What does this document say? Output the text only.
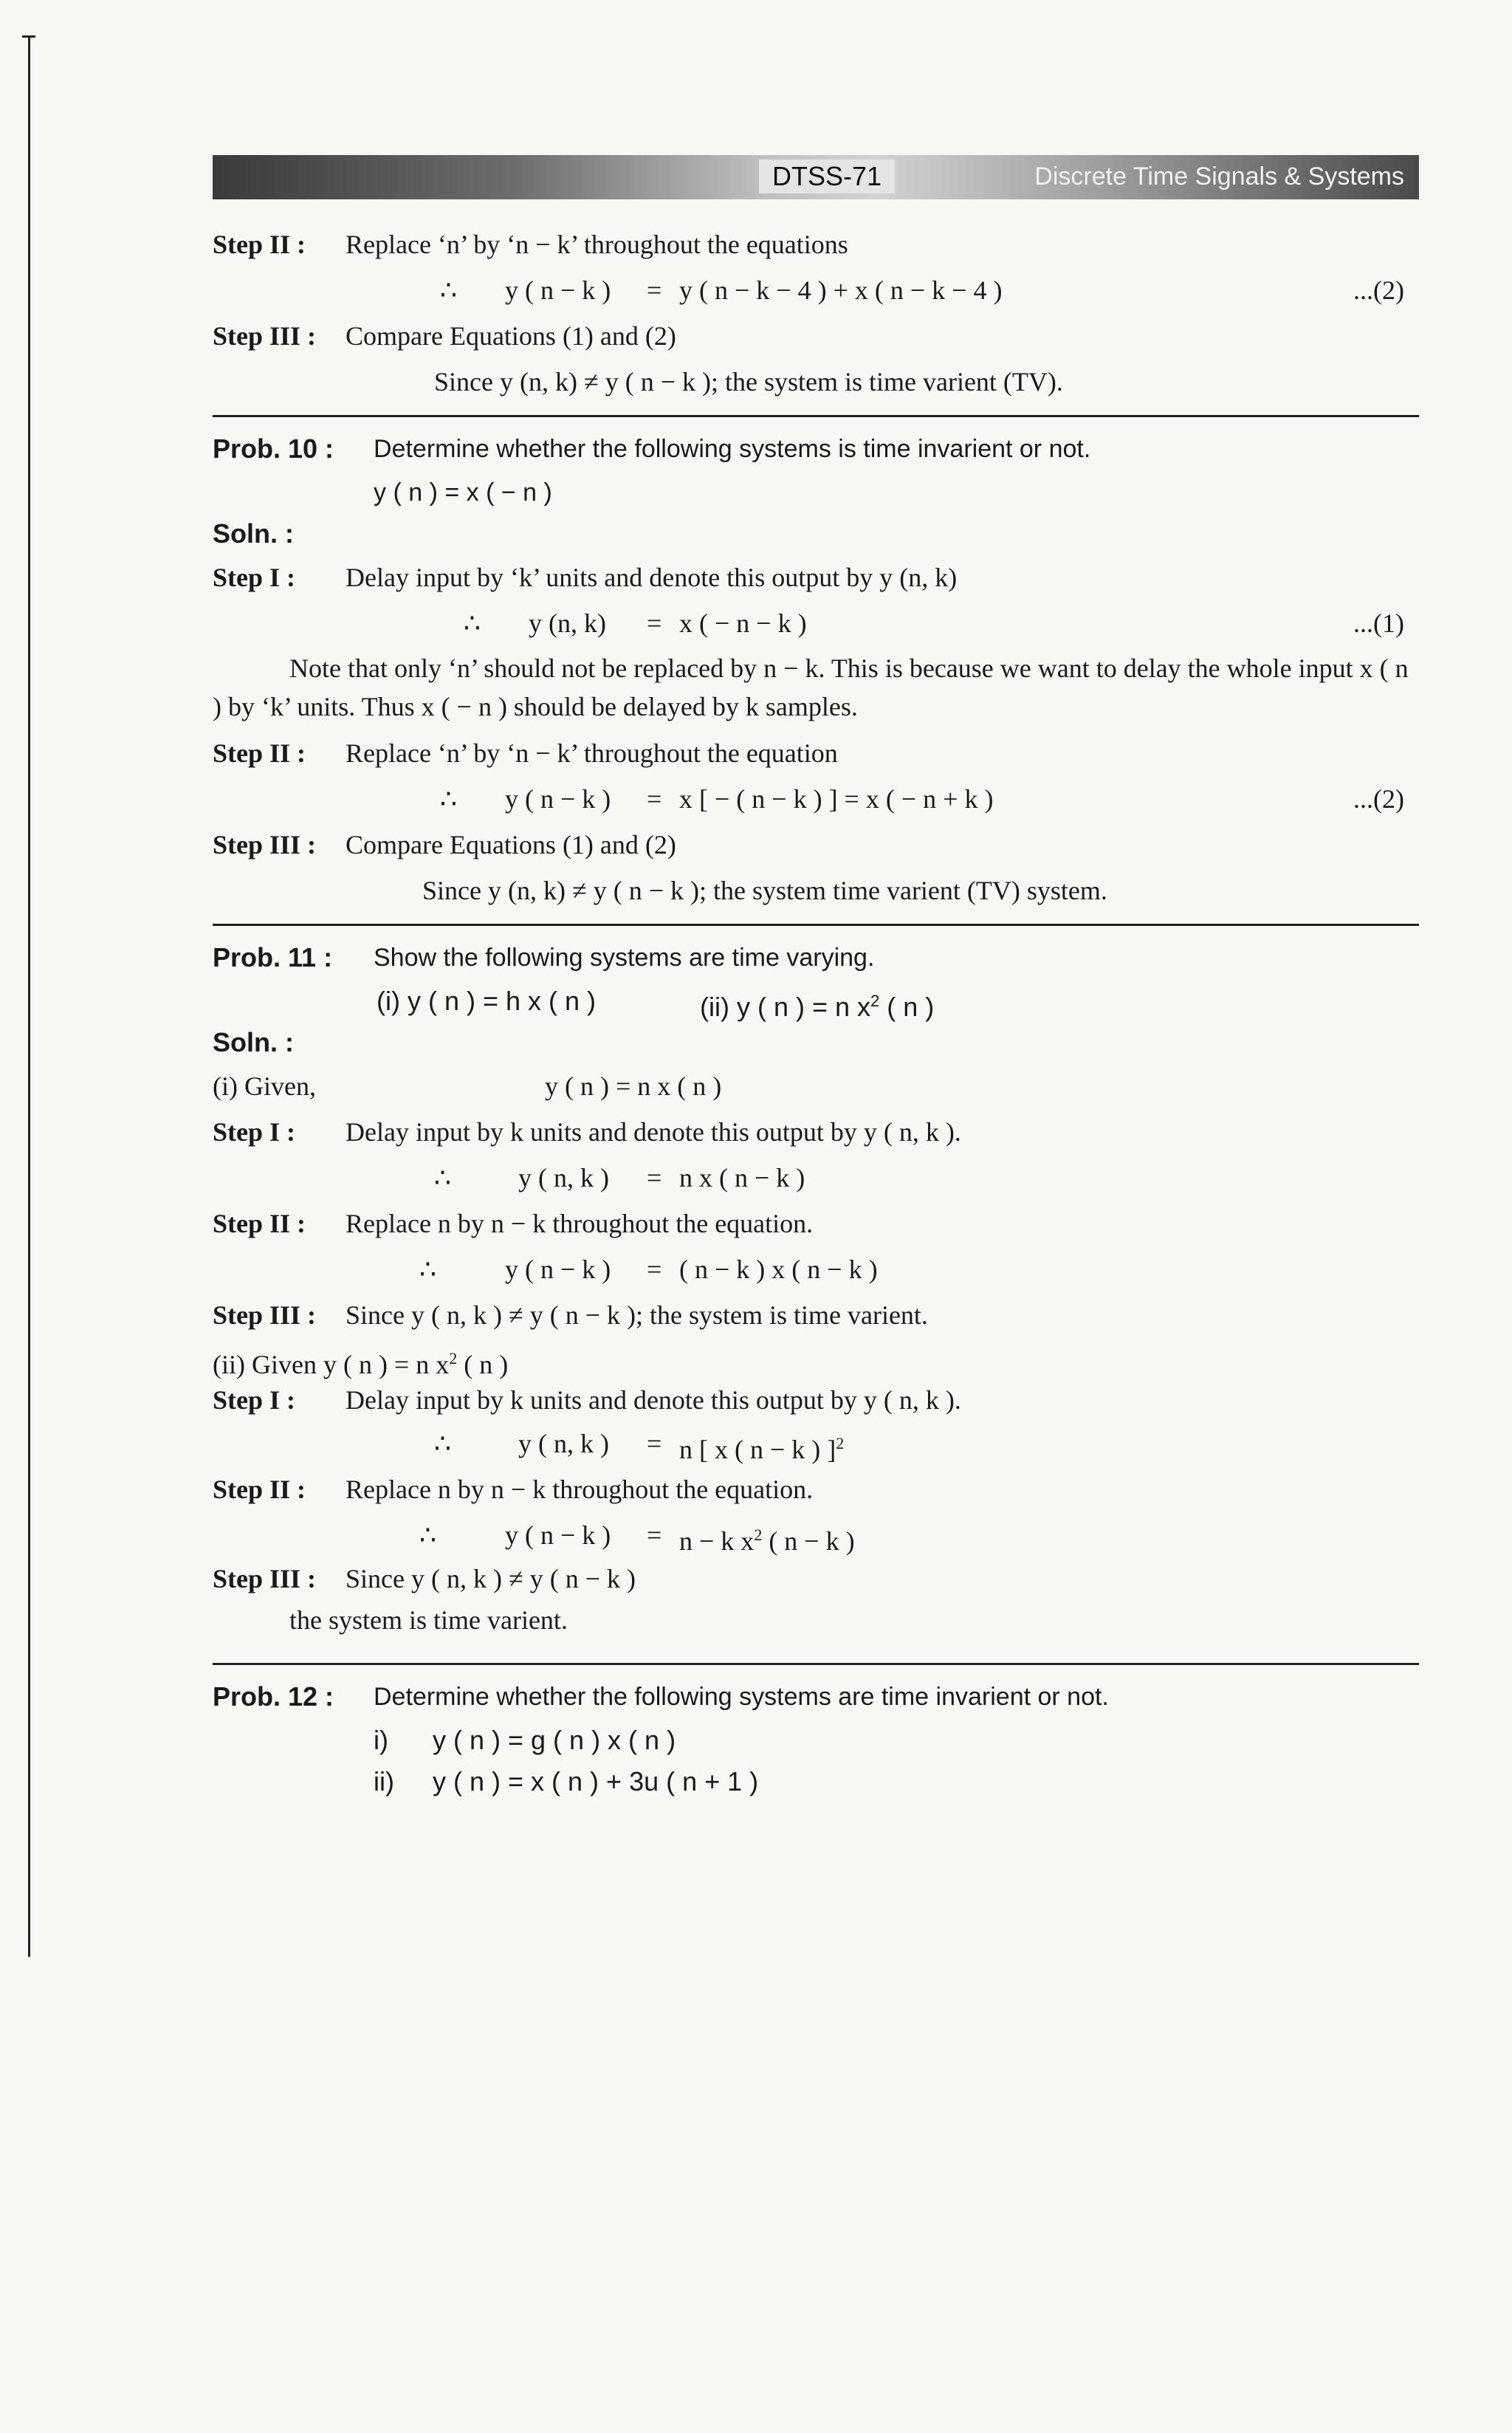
DTSS-71	Discrete Time Signals & Systems
Step II : Replace ‘n’ by ‘n − k’ throughout the equations
∴ y ( n − k ) = y ( n − k − 4 ) + x ( n − k − 4 )	...(2)
Step III : Compare Equations (1) and (2)
Since y (n, k) ≠ y ( n − k ); the system is time varient (TV).
Prob. 10 : Determine whether the following systems is time invarient or not.
y ( n ) = x ( − n )
Soln. :
Step I : Delay input by ‘k’ units and denote this output by y (n, k)
∴ y (n, k) = x ( − n − k )	...(1)
Note that only ‘n’ should not be replaced by n − k. This is because we want to delay the whole input x ( n ) by ‘k’ units. Thus x ( − n ) should be delayed by k samples.
Step II : Replace ‘n’ by ‘n − k’ throughout the equation
∴ y ( n − k ) = x [ − ( n − k ) ] = x ( − n + k )	...(2)
Step III : Compare Equations (1) and (2)
Since y (n, k) ≠ y ( n − k ); the system time varient (TV) system.
Prob. 11 : Show the following systems are time varying.
(i) y ( n ) = h x ( n )	(ii) y ( n ) = n $x^2$ ( n )
Soln. :
(i) Given,	y ( n ) = n x ( n )
Step I : Delay input by k units and denote this output by y ( n, k ).
∴	y ( n, k ) = n x ( n − k )
Step II : Replace n by n − k throughout the equation.
∴	y ( n − k ) = ( n − k ) x ( n − k )
Step III : Since y ( n, k ) ≠ y ( n − k ); the system is time varient.
(ii) Given y ( n ) = n $x^2$ ( n )
Step I : Delay input by k units and denote this output by y ( n, k ).
∴	y ( n, k ) = n [ x ( n − k ) ]$^2$
Step II : Replace n by n − k throughout the equation.
∴	y ( n − k ) = n − k $x^2$ ( n − k )
Step III : Since y ( n, k ) ≠ y ( n − k )
the system is time varient.
Prob. 12 : Determine whether the following systems are time invarient or not.
i) y ( n ) = g ( n ) x ( n )
ii) y ( n ) = x ( n ) + 3u ( n + 1 )
